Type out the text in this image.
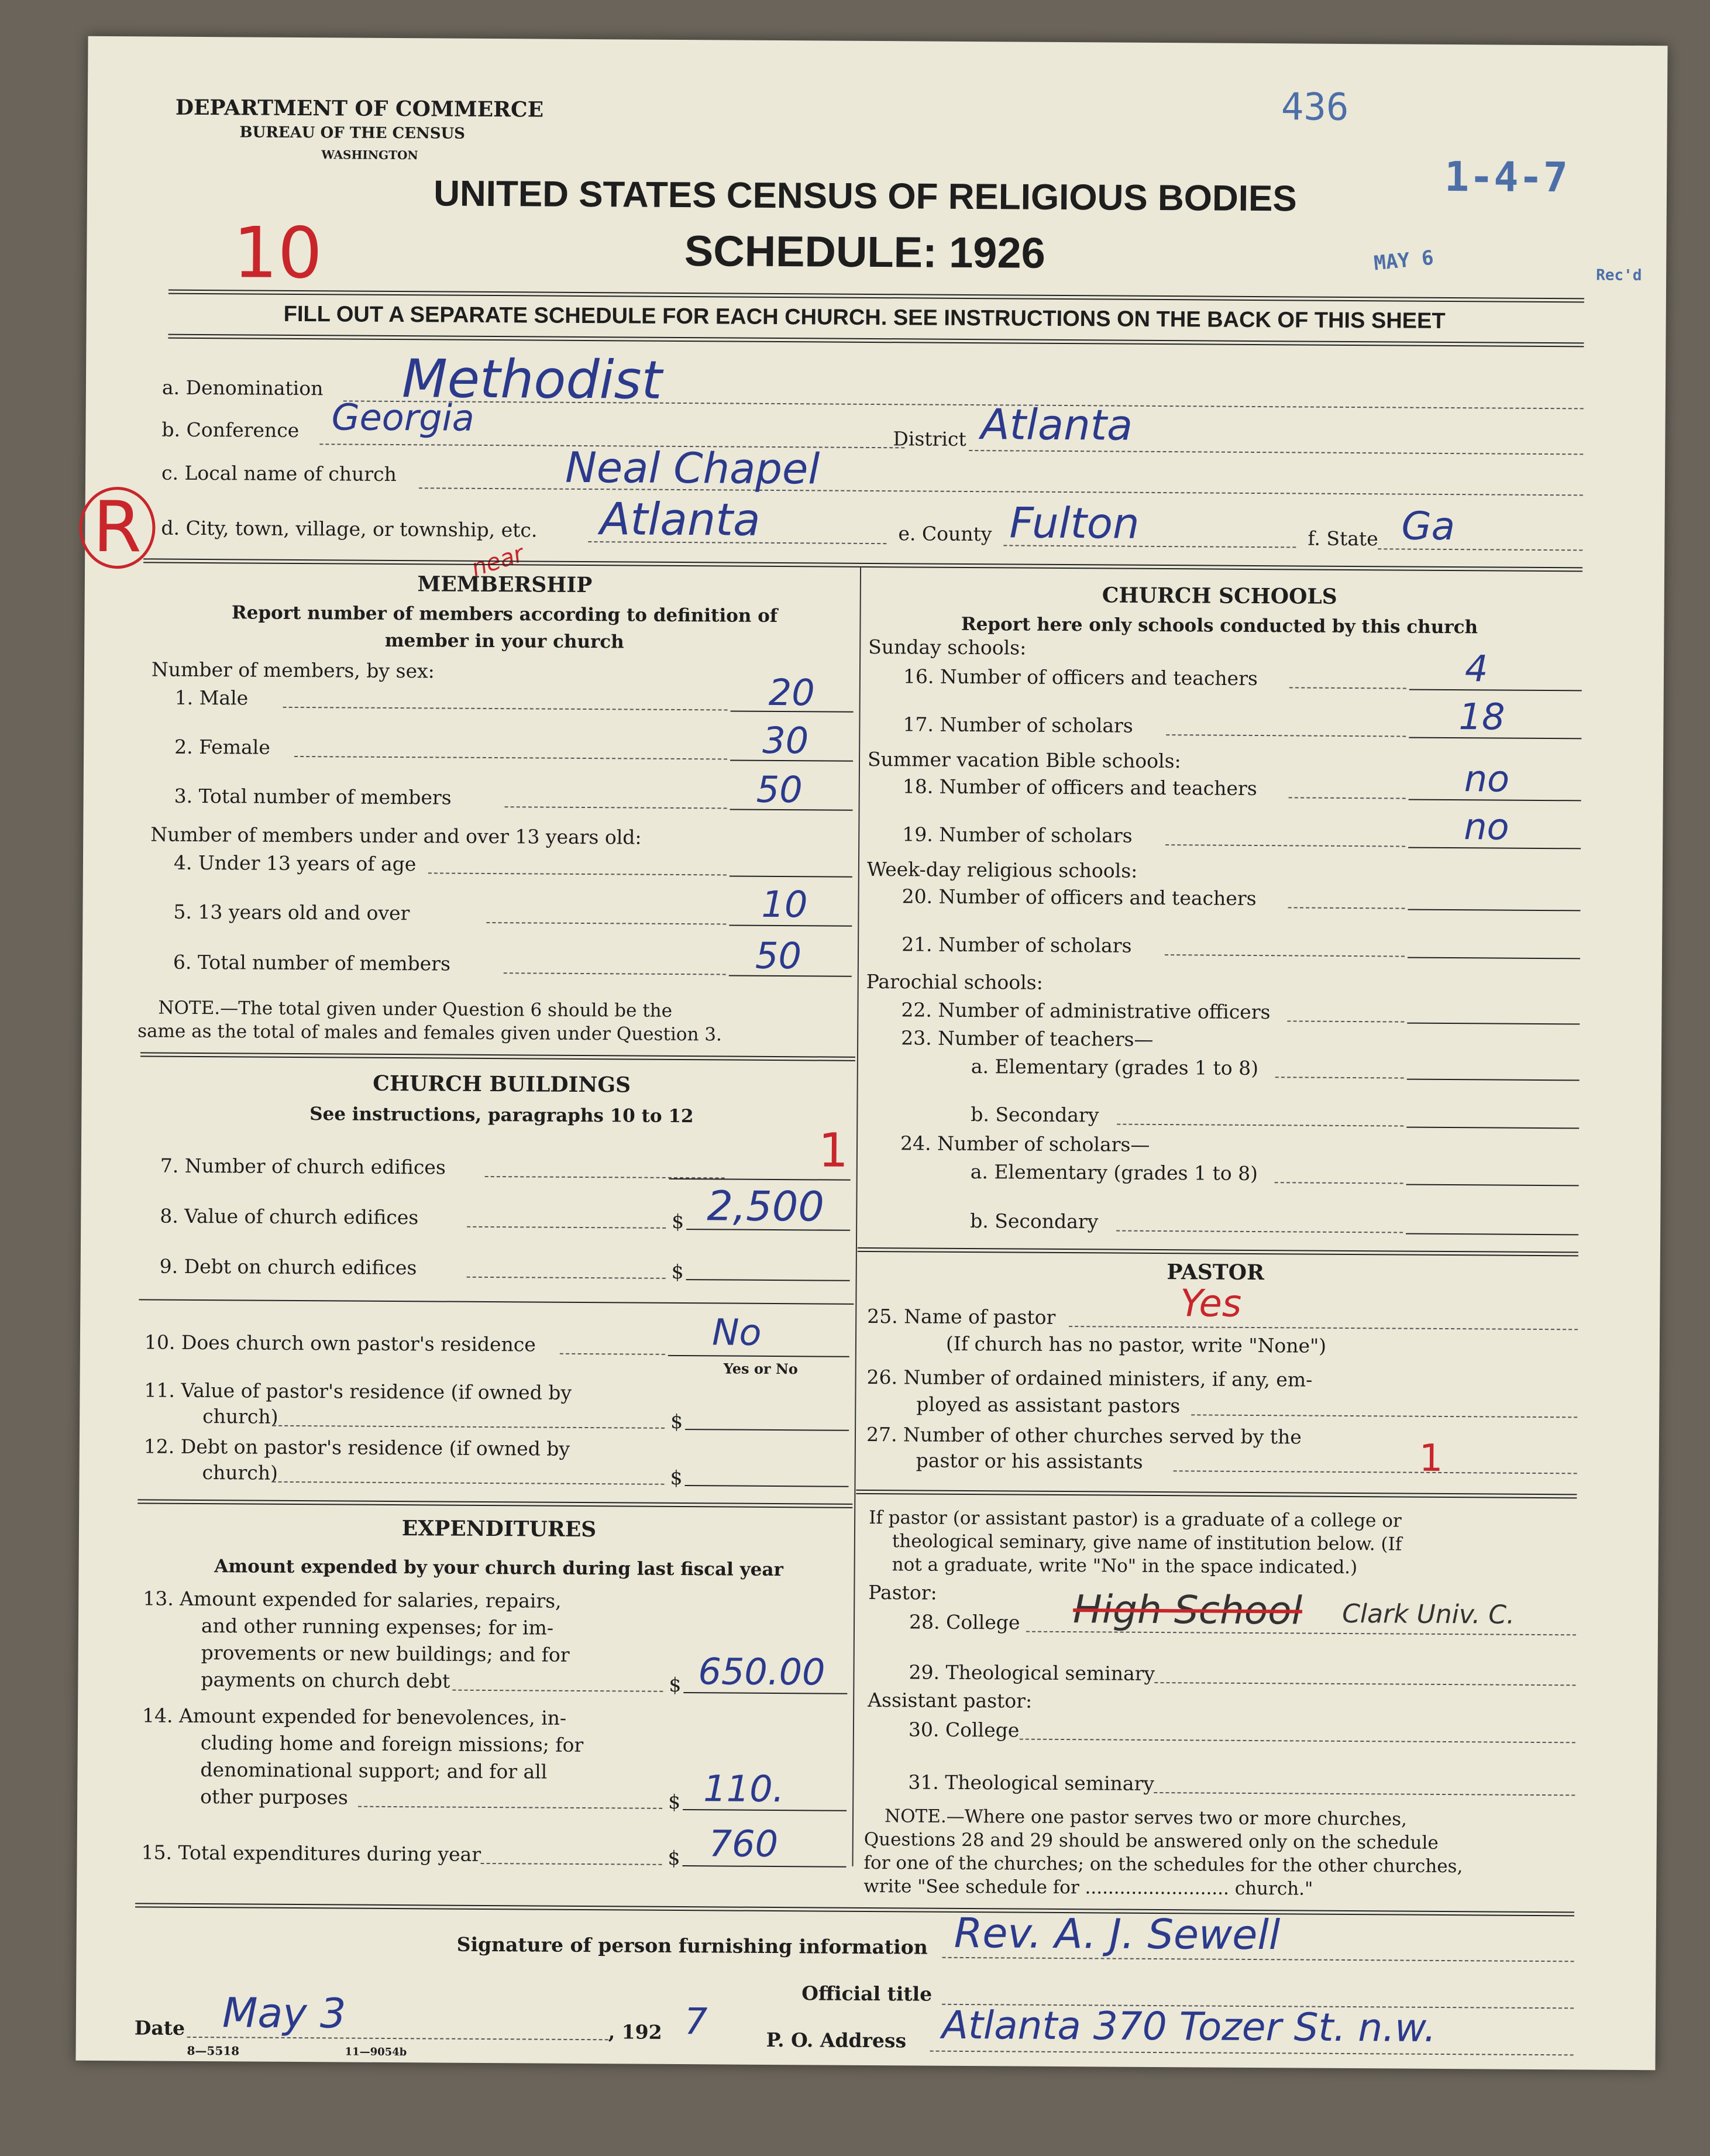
DEPARTMENT OF COMMERCE
BUREAU OF THE CENSUS
WASHINGTON
UNITED STATES CENSUS OF RELIGIOUS BODIES
SCHEDULE: 1926
436
1-4-7
MAY 6
Rec'd
10
FILL OUT A SEPARATE SCHEDULE FOR EACH CHURCH. SEE INSTRUCTIONS ON THE BACK OF THIS SHEET
a. Denomination Methodist
b. Conference Georgia	District Atlanta
c. Local name of church	Neal Chapel
R d. City, town, village, or township, etc. Atlanta
near
e. County Fulton	f. State Ga
MEMBERSHIP
Report number of members according to definition of
member in your church
Number of members, by sex:
1. Male	20
2. Female	30
3. Total number of members	50
Number of members under and over 13 years old:
4. Under 13 years of age
5. 13 years old and over	10
6. Total number of members	50
NOTE.—The total given under Question 6 should be the
same as the total of males and females given under Question 3.
CHURCH BUILDINGS
See instructions, paragraphs 10 to 12
7. Number of church edifices	1
8. Value of church edifices	$ 2,500
9. Debt on church edifices	$
10. Does church own pastor's residence	No
Yes or No
11. Value of pastor's residence (if owned by
church)	$
12. Debt on pastor's residence (if owned by
church)	$
EXPENDITURES
Amount expended by your church during last fiscal year
13. Amount expended for salaries, repairs,
and other running expenses; for im-
provements or new buildings; and for
payments on church debt	$ 650.00
14. Amount expended for benevolences, in-
cluding home and foreign missions; for
denominational support; and for all
other purposes	$ 110.
15. Total expenditures during year	$ 760
CHURCH SCHOOLS
Report here only schools conducted by this church
Sunday schools:
16. Number of officers and teachers	4
17. Number of scholars	18
Summer vacation Bible schools:
18. Number of officers and teachers	no
19. Number of scholars	no
Week-day religious schools:
20. Number of officers and teachers
21. Number of scholars
Parochial schools:
22. Number of administrative officers
23. Number of teachers—
a. Elementary (grades 1 to 8)
b. Secondary
24. Number of scholars—
a. Elementary (grades 1 to 8)
b. Secondary
PASTOR
25. Name of pastor	Yes
(If church has no pastor, write "None")
26. Number of ordained ministers, if any, em-
ployed as assistant pastors
27. Number of other churches served by the
pastor or his assistants	1
If pastor (or assistant pastor) is a graduate of a college or
theological seminary, give name of institution below. (If
not a graduate, write "No" in the space indicated.)
Pastor:
28. College High School Clark Univ. C.
29. Theological seminary
Assistant pastor:
30. College
31. Theological seminary
NOTE.—Where one pastor serves two or more churches,
Questions 28 and 29 should be answered only on the schedule
for one of the churches; on the schedules for the other churches,
write "See schedule for ......................... church."
Signature of person furnishing information Rev. A. J. Sewell
Official title
Date May 3	, 192 7	P. O. Address Atlanta 370 Tozer St. n.w.
8—5518	11—9054b
